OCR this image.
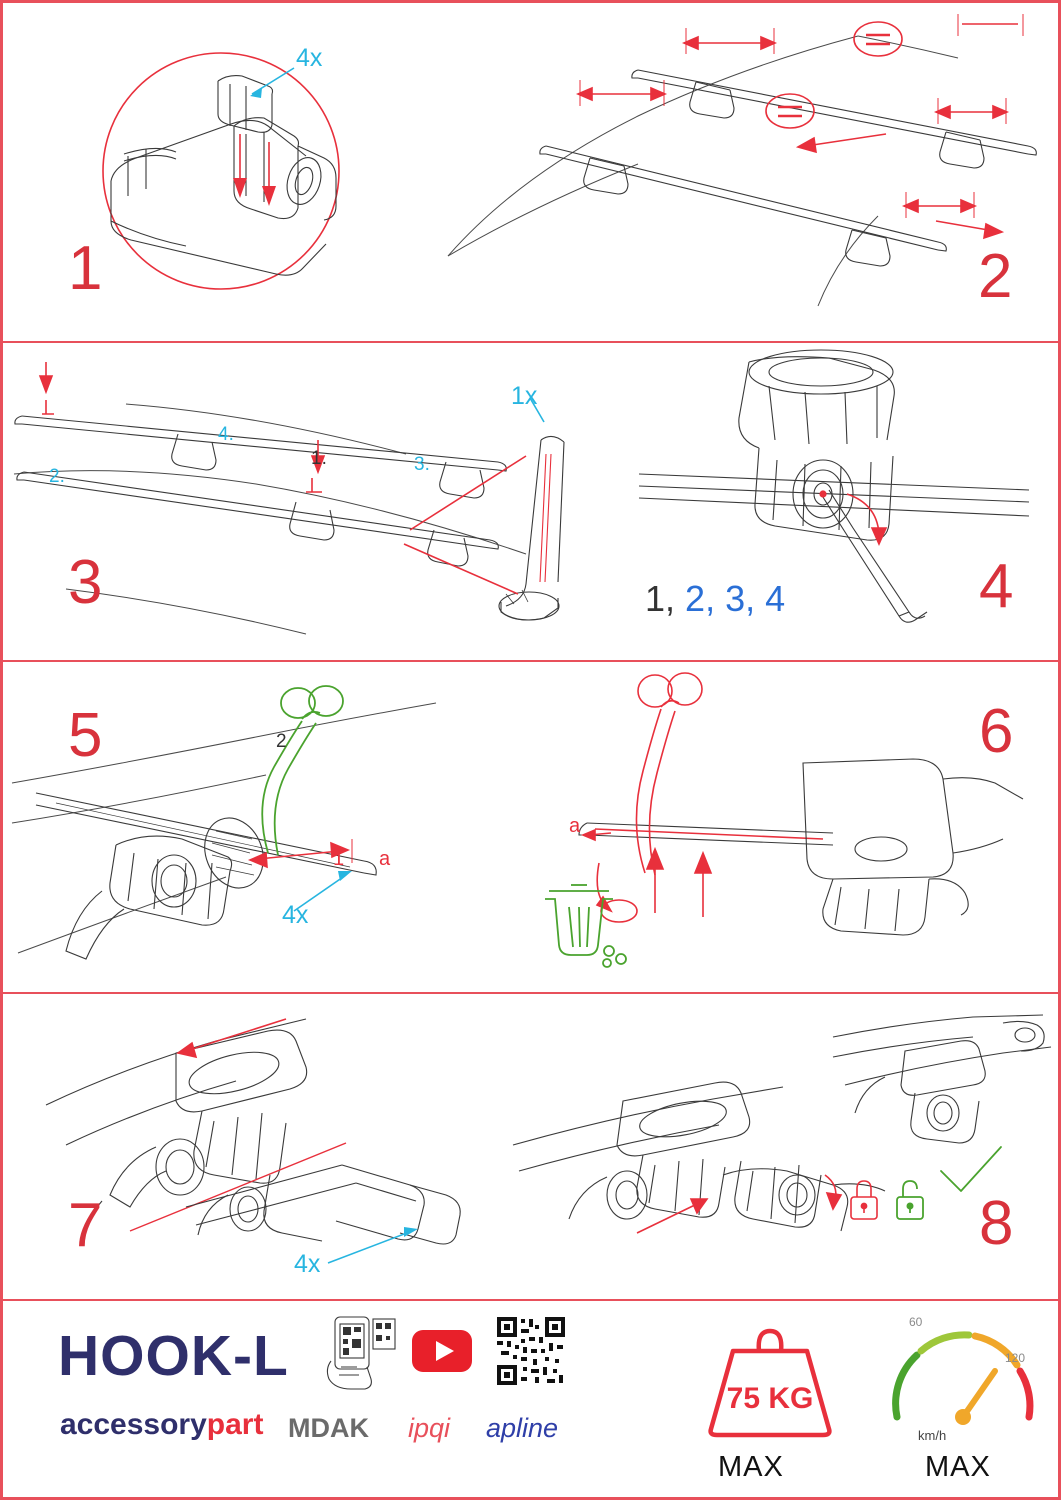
4x
1	2
1x
4.
3.
2.
1.
3	1, 2, 3, 4	4
2
1 a
4x
5
a
6
4x
7	8
HOOK-L
accessorypart MDAK ipqi apline
75 KG
MAX
60
120
km/h
MAX
